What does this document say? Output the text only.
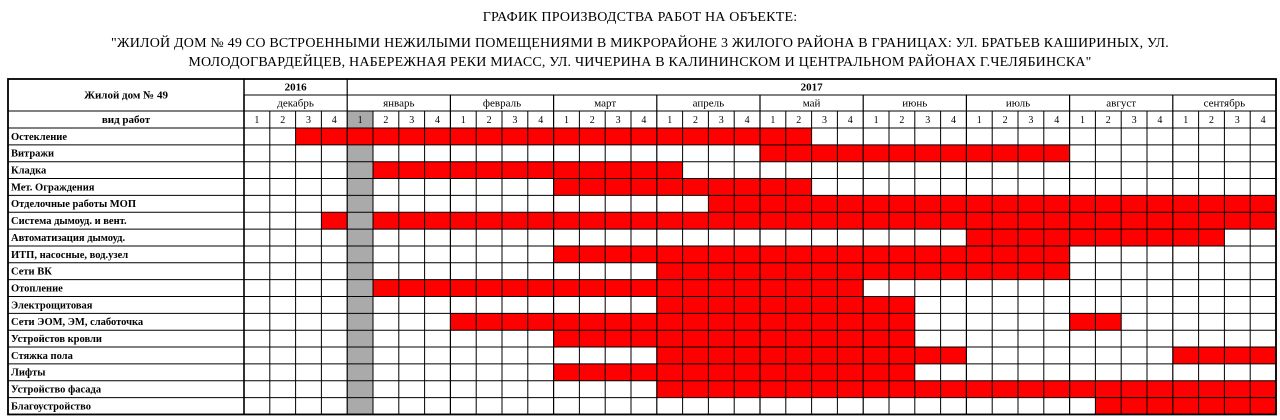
ГРАФИК ПРОИЗВОДСТВА РАБОТ НА ОБЪЕКТЕ:
"ЖИЛОЙ ДОМ № 49 СО ВСТРОЕННЫМИ НЕЖИЛЫМИ ПОМЕЩЕНИЯМИ В МИКРОРАЙОНЕ 3 ЖИЛОГО РАЙОНА В ГРАНИЦАХ: УЛ. БРАТЬЕВ КАШИРИНЫХ, УЛ.
МОЛОДОГВАРДЕЙЦЕВ, НАБЕРЕЖНАЯ РЕКИ МИАСС, УЛ. ЧИЧЕРИНА В КАЛИНИНСКОМ И ЦЕНТРАЛЬНОМ РАЙОНАХ Г.ЧЕЛЯБИНСКА"
Жилой дом № 49
вид работ
2016	2017
декабрь
1 2 3 4
январь
1 2 3 4
февраль
1 2 3 4
март
1 2 3 4
апрель
1 2 3 4
май
1 2 3 4
июнь
1 2 3 4
июль
1 2 3 4
август
1 2 3 4
сентябрь
1 2 3 4
Остекление
Витражи
Кладка
Мет. Ограждения
Отделочные работы МОП
Система дымоуд. и вент.
Автоматизация дымоуд.
ИТП, насосные, вод.узел
Сети ВК
Отопление
Электрощитовая
Сети ЭОМ, ЭМ, слаботочка
Устройстов кровли
Стяжка пола
Лифты
Устройство фасада
Благоустройство
